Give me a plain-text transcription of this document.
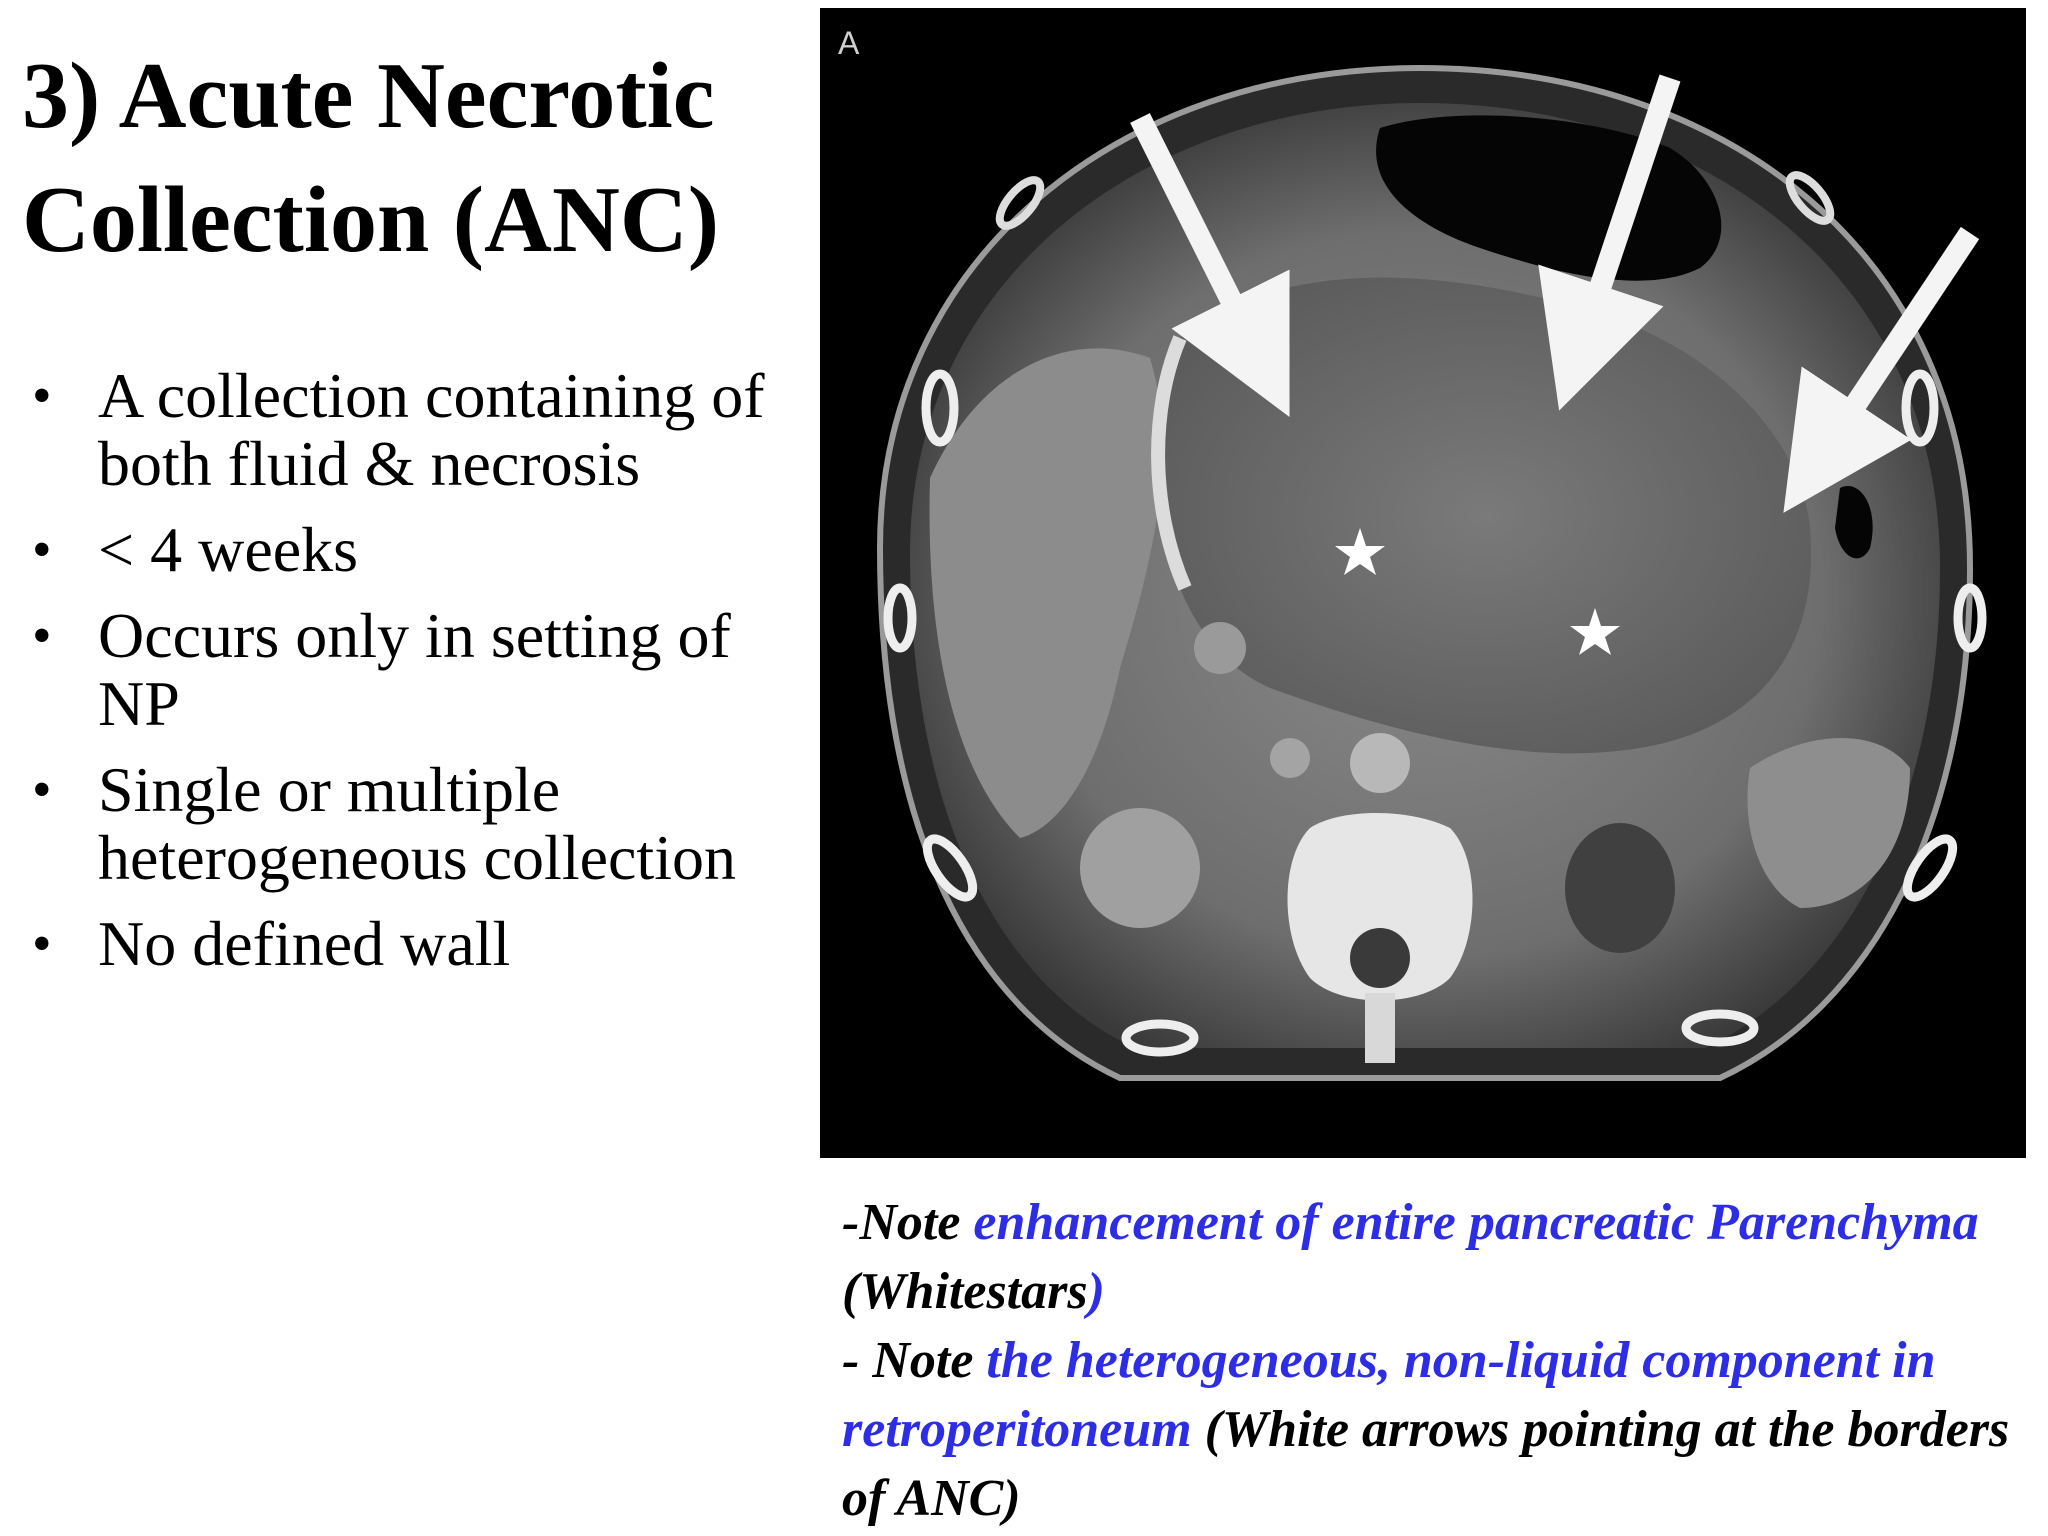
3) Acute Necrotic Collection (ANC)
• A collection containing of both fluid & necrosis
• < 4 weeks
• Occurs only in setting of NP
• Single or multiple heterogeneous collection
• No defined wall
A
-Note enhancement of entire pancreatic Parenchyma (Whitestars)
- Note the heterogeneous, non-liquid component in retroperitoneum (White arrows pointing at the borders of ANC)
